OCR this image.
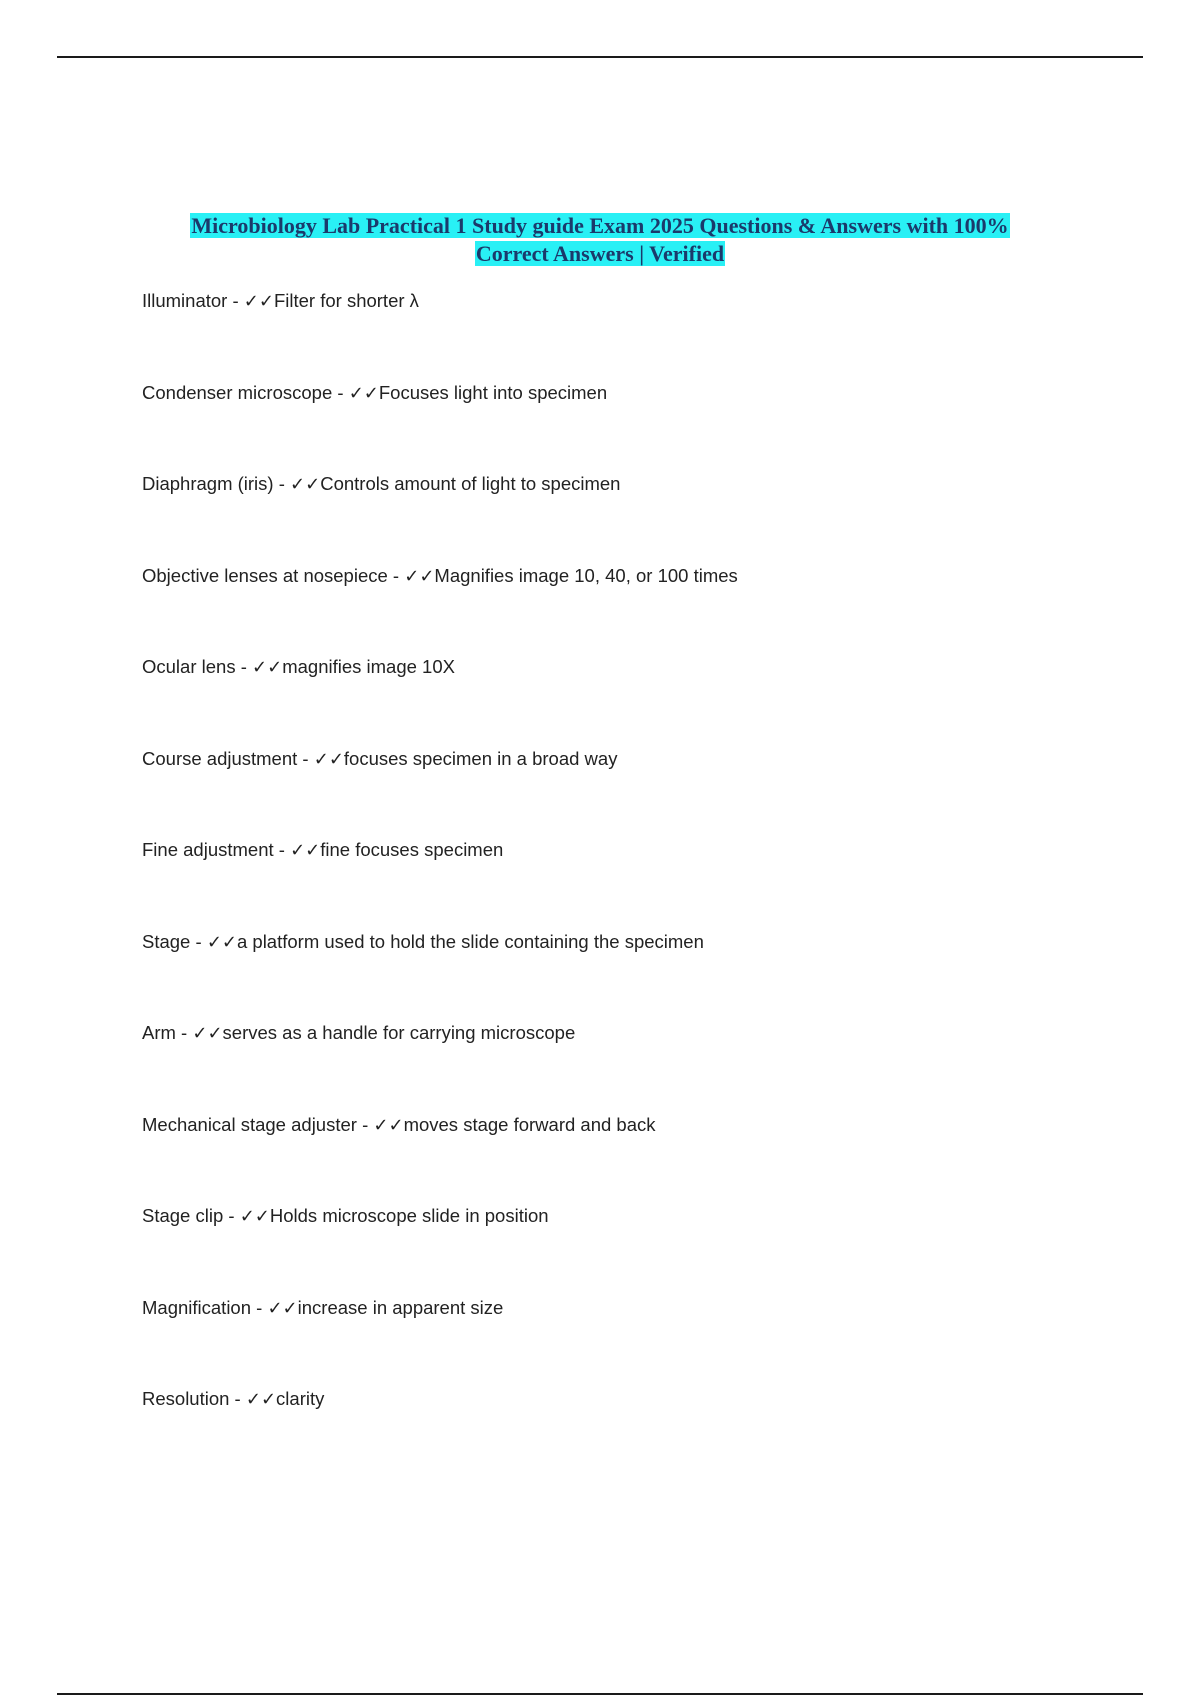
Microbiology Lab Practical 1 Study guide Exam 2025 Questions & Answers with 100%
Correct Answers | Verified
Illuminator - ✓✓Filter for shorter λ
Condenser microscope - ✓✓Focuses light into specimen
Diaphragm (iris) - ✓✓Controls amount of light to specimen
Objective lenses at nosepiece - ✓✓Magnifies image 10, 40, or 100 times
Ocular lens - ✓✓magnifies image 10X
Course adjustment - ✓✓focuses specimen in a broad way
Fine adjustment - ✓✓fine focuses specimen
Stage - ✓✓a platform used to hold the slide containing the specimen
Arm - ✓✓serves as a handle for carrying microscope
Mechanical stage adjuster - ✓✓moves stage forward and back
Stage clip - ✓✓Holds microscope slide in position
Magnification - ✓✓increase in apparent size
Resolution - ✓✓clarity
